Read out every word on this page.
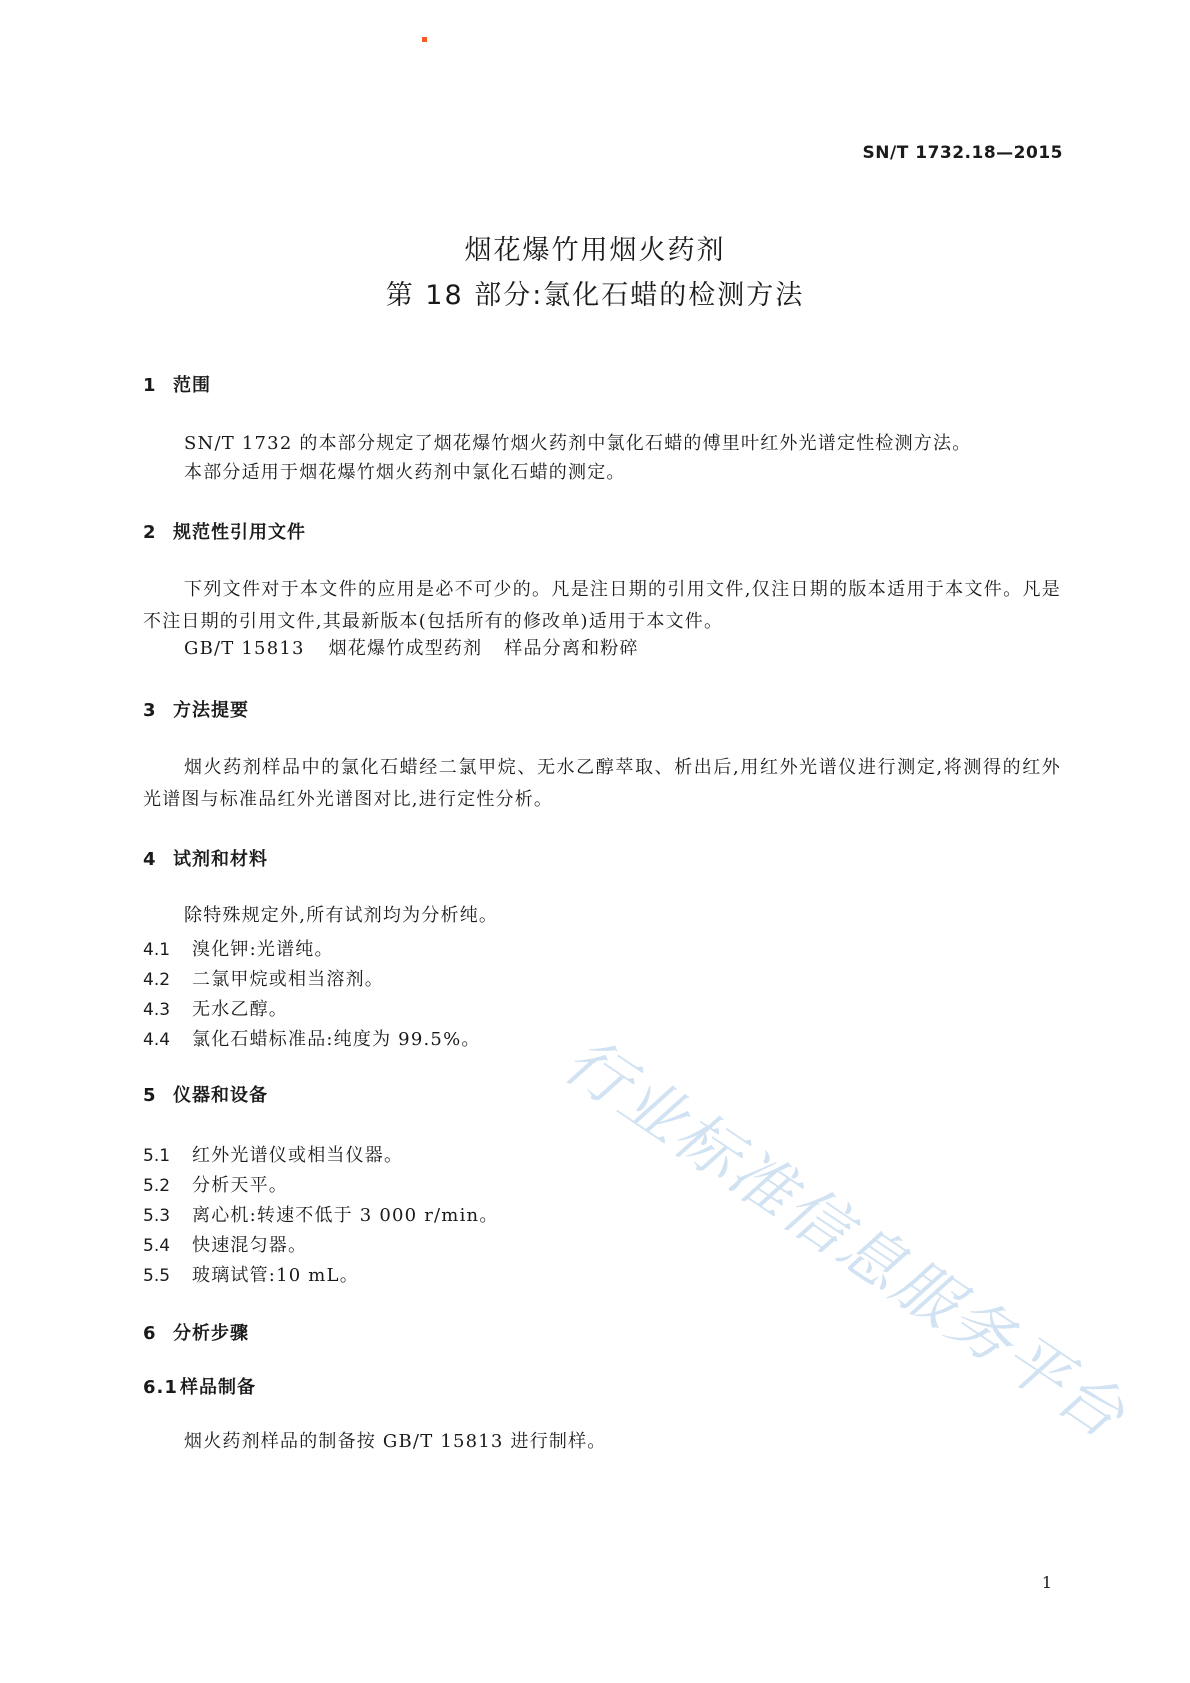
SN/T 1732.18—2015
烟花爆竹用烟火药剂
第 18 部分:氯化石蜡的检测方法
1 范围
SN/T 1732 的本部分规定了烟花爆竹烟火药剂中氯化石蜡的傅里叶红外光谱定性检测方法。
本部分适用于烟花爆竹烟火药剂中氯化石蜡的测定。
2 规范性引用文件
下列文件对于本文件的应用是必不可少的。凡是注日期的引用文件,仅注日期的版本适用于本文件。凡是不注日期的引用文件,其最新版本(包括所有的修改单)适用于本文件。
GB/T 15813 烟花爆竹成型药剂 样品分离和粉碎
3 方法提要
烟火药剂样品中的氯化石蜡经二氯甲烷、无水乙醇萃取、析出后,用红外光谱仪进行测定,将测得的红外光谱图与标准品红外光谱图对比,进行定性分析。
4 试剂和材料
除特殊规定外,所有试剂均为分析纯。
4.1 溴化钾:光谱纯。
4.2 二氯甲烷或相当溶剂。
4.3 无水乙醇。
4.4 氯化石蜡标准品:纯度为 99.5%。
5 仪器和设备
5.1 红外光谱仪或相当仪器。
5.2 分析天平。
5.3 离心机:转速不低于 3 000 r/min。
5.4 快速混匀器。
5.5 玻璃试管:10 mL。
6 分析步骤
6.1 样品制备
烟火药剂样品的制备按 GB/T 15813 进行制样。
1
行业标准信息服务平台
